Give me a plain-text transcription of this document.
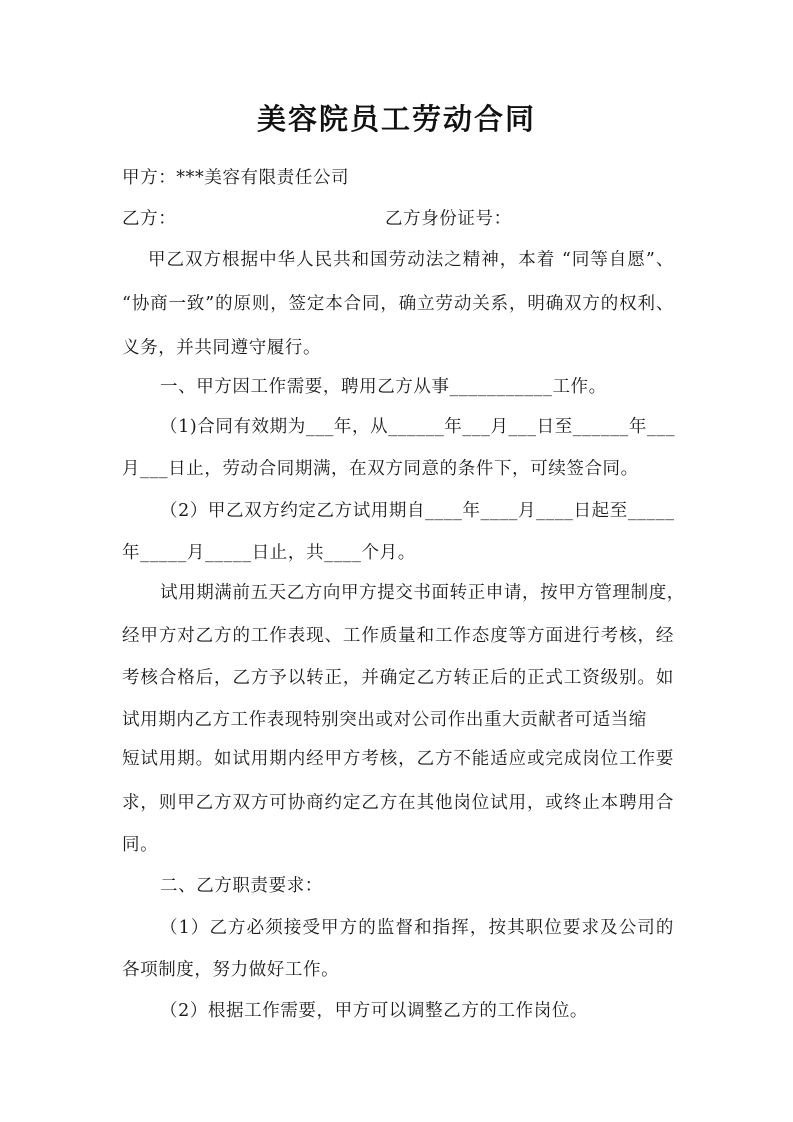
美容院员工劳动合同
甲方：***美容有限责任公司
乙方：	乙方身份证号：
甲乙双方根据中华人民共和国劳动法之精神，本着 “同等自愿”、
“协商一致”的原则，签定本合同，确立劳动关系，明确双方的权利、
义务，并共同遵守履行。
一、甲方因工作需要，聘用乙方从事___________工作。
（1)合同有效期为___年，从______年___月___日至______年___
月___日止，劳动合同期满，在双方同意的条件下，可续签合同。
（2）甲乙双方约定乙方试用期自____年____月____日起至_____
年_____月_____日止，共____个月。
试用期满前五天乙方向甲方提交书面转正申请，按甲方管理制度，
经甲方对乙方的工作表现、工作质量和工作态度等方面进行考核，经
考核合格后，乙方予以转正，并确定乙方转正后的正式工资级别。如
试用期内乙方工作表现特别突出或对公司作出重大贡献者可适当缩
短试用期。如试用期内经甲方考核，乙方不能适应或完成岗位工作要
求，则甲乙方双方可协商约定乙方在其他岗位试用，或终止本聘用合
同。
二、乙方职责要求：
（1）乙方必须接受甲方的监督和指挥，按其职位要求及公司的
各项制度，努力做好工作。
（2）根据工作需要，甲方可以调整乙方的工作岗位。
